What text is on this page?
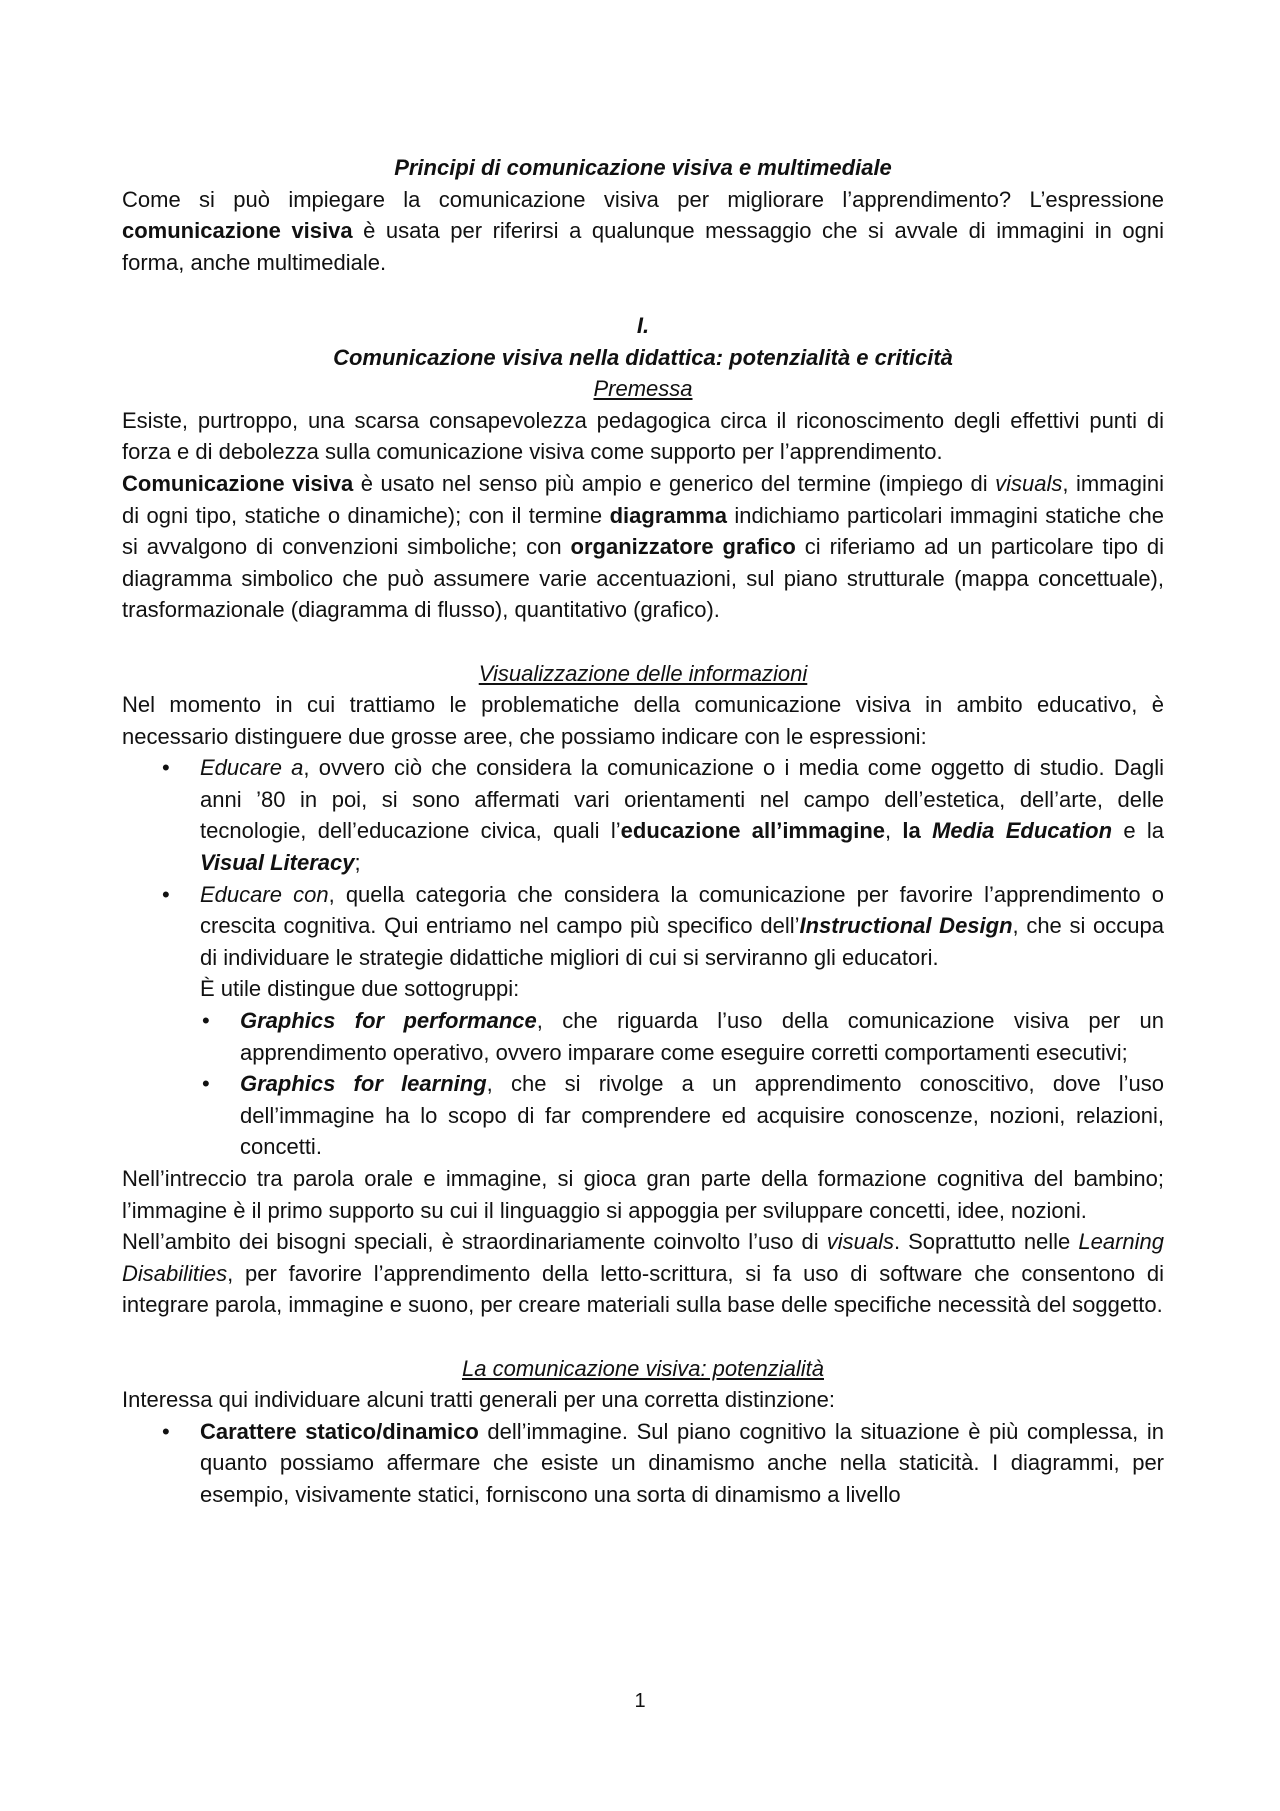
Principi di comunicazione visiva e multimediale

Come si può impiegare la comunicazione visiva per migliorare l’apprendimento? L’espressione comunicazione visiva è usata per riferirsi a qualunque messaggio che si avvale di immagini in ogni forma, anche multimediale.

I.

Comunicazione visiva nella didattica: potenzialità e criticità

Premessa

Esiste, purtroppo, una scarsa consapevolezza pedagogica circa il riconoscimento degli effettivi punti di forza e di debolezza sulla comunicazione visiva come supporto per l’apprendimento.

Comunicazione visiva è usato nel senso più ampio e generico del termine (impiego di visuals, immagini di ogni tipo, statiche o dinamiche); con il termine diagramma indichiamo particolari immagini statiche che si avvalgono di convenzioni simboliche; con organizzatore grafico ci riferiamo ad un particolare tipo di diagramma simbolico che può assumere varie accentuazioni, sul piano strutturale (mappa concettuale), trasformazionale (diagramma di flusso), quantitativo (grafico).

Visualizzazione delle informazioni

Nel momento in cui trattiamo le problematiche della comunicazione visiva in ambito educativo, è necessario distinguere due grosse aree, che possiamo indicare con le espressioni:

• Educare a, ovvero ciò che considera la comunicazione o i media come oggetto di studio. Dagli anni ’80 in poi, si sono affermati vari orientamenti nel campo dell’estetica, dell’arte, delle tecnologie, dell’educazione civica, quali l’educazione all’immagine, la Media Education e la Visual Literacy;
• Educare con, quella categoria che considera la comunicazione per favorire l’apprendimento o crescita cognitiva. Qui entriamo nel campo più specifico dell’Instructional Design, che si occupa di individuare le strategie didattiche migliori di cui si serviranno gli educatori.
È utile distingue due sottogruppi:
• Graphics for performance, che riguarda l’uso della comunicazione visiva per un apprendimento operativo, ovvero imparare come eseguire corretti comportamenti esecutivi;
• Graphics for learning, che si rivolge a un apprendimento conoscitivo, dove l’uso dell’immagine ha lo scopo di far comprendere ed acquisire conoscenze, nozioni, relazioni, concetti.

Nell’intreccio tra parola orale e immagine, si gioca gran parte della formazione cognitiva del bambino; l’immagine è il primo supporto su cui il linguaggio si appoggia per sviluppare concetti, idee, nozioni.

Nell’ambito dei bisogni speciali, è straordinariamente coinvolto l’uso di visuals. Soprattutto nelle Learning Disabilities, per favorire l’apprendimento della letto-scrittura, si fa uso di software che consentono di integrare parola, immagine e suono, per creare materiali sulla base delle specifiche necessità del soggetto.

La comunicazione visiva: potenzialità

Interessa qui individuare alcuni tratti generali per una corretta distinzione:

• Carattere statico/dinamico dell’immagine. Sul piano cognitivo la situazione è più complessa, in quanto possiamo affermare che esiste un dinamismo anche nella staticità. I diagrammi, per esempio, visivamente statici, forniscono una sorta di dinamismo a livello
1
